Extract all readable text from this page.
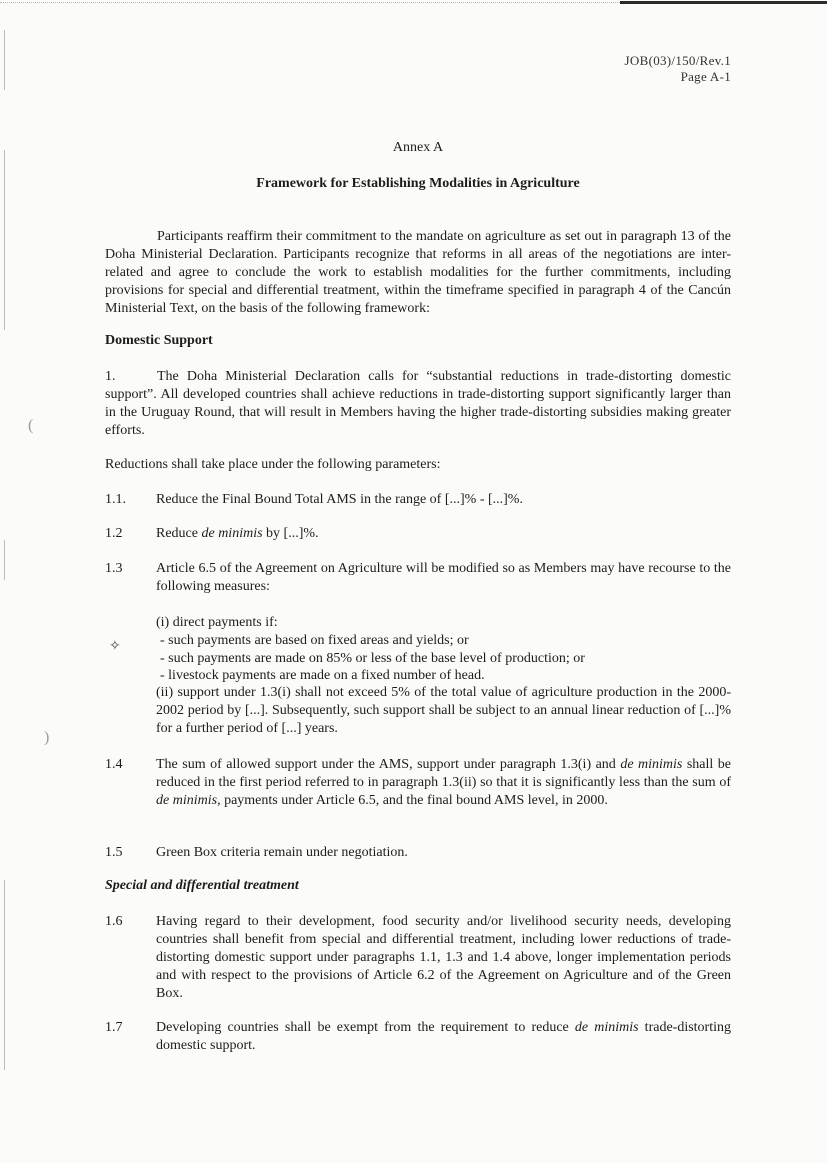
(
)
✧
JOB(03)/150/Rev.1
Page A-1
Annex A
Framework for Establishing Modalities in Agriculture
Participants reaffirm their commitment to the mandate on agriculture as set out in paragraph 13 of the Doha Ministerial Declaration. Participants recognize that reforms in all areas of the negotiations are inter-related and agree to conclude the work to establish modalities for the further commitments, including provisions for special and differential treatment, within the timeframe specified in paragraph 4 of the Cancún Ministerial Text, on the basis of the following framework:
Domestic Support
1.	The Doha Ministerial Declaration calls for “substantial reductions in trade-distorting domestic support”. All developed countries shall achieve reductions in trade-distorting support significantly larger than in the Uruguay Round, that will result in Members having the higher trade-distorting subsidies making greater efforts.
Reductions shall take place under the following parameters:
1.1. Reduce the Final Bound Total AMS in the range of [...]% - [...]%.
1.2 Reduce de minimis by [...]%.
1.3 Article 6.5 of the Agreement on Agriculture will be modified so as Members may have recourse to the following measures:
(i) direct payments if:
- such payments are based on fixed areas and yields; or
- such payments are made on 85% or less of the base level of production; or
- livestock payments are made on a fixed number of head.
(ii) support under 1.3(i) shall not exceed 5% of the total value of agriculture production in the 2000-2002 period by [...]. Subsequently, such support shall be subject to an annual linear reduction of [...]% for a further period of [...] years.
1.4 The sum of allowed support under the AMS, support under paragraph 1.3(i) and de minimis shall be reduced in the first period referred to in paragraph 1.3(ii) so that it is significantly less than the sum of de minimis, payments under Article 6.5, and the final bound AMS level, in 2000.
1.5 Green Box criteria remain under negotiation.
Special and differential treatment
1.6 Having regard to their development, food security and/or livelihood security needs, developing countries shall benefit from special and differential treatment, including lower reductions of trade-distorting domestic support under paragraphs 1.1, 1.3 and 1.4 above, longer implementation periods and with respect to the provisions of Article 6.2 of the Agreement on Agriculture and of the Green Box.
1.7 Developing countries shall be exempt from the requirement to reduce de minimis trade-distorting domestic support.
